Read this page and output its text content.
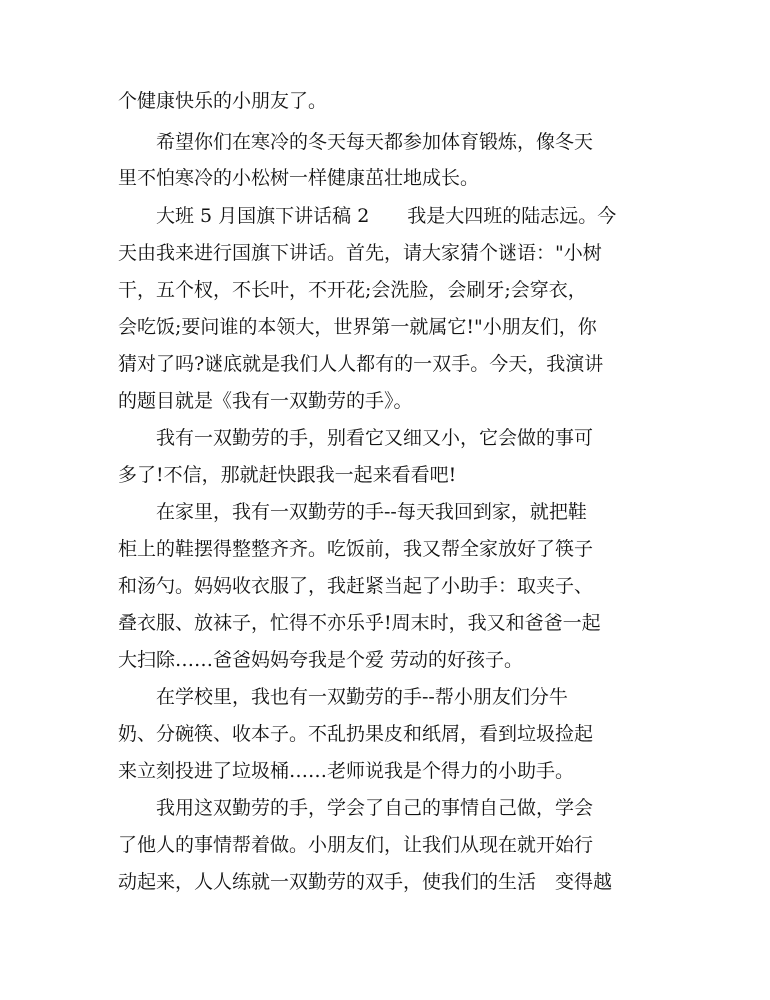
个健康快乐的小朋友了。
　　希望你们在寒冷的冬天每天都参加体育锻炼，像冬天
里不怕寒冷的小松树一样健康茁壮地成长。
　　大班 5 月国旗下讲话稿 2　　我是大四班的陆志远。今
天由我来进行国旗下讲话。首先，请大家猜个谜语："小树
干，五个杈，不长叶，不开花;会洗脸，会刷牙;会穿衣，
会吃饭;要问谁的本领大，世界第一就属它!"小朋友们，你
猜对了吗?谜底就是我们人人都有的一双手。今天，我演讲
的题目就是《我有一双勤劳的手》。
　　我有一双勤劳的手，别看它又细又小，它会做的事可
多了!不信，那就赶快跟我一起来看看吧!
　　在家里，我有一双勤劳的手--每天我回到家，就把鞋
柜上的鞋摆得整整齐齐。吃饭前，我又帮全家放好了筷子
和汤勺。妈妈收衣服了，我赶紧当起了小助手：取夹子、
叠衣服、放袜子，忙得不亦乐乎!周末时，我又和爸爸一起
大扫除……爸爸妈妈夸我是个爱 劳动的好孩子。
　　在学校里，我也有一双勤劳的手--帮小朋友们分牛
奶、分碗筷、收本子。不乱扔果皮和纸屑，看到垃圾捡起
来立刻投进了垃圾桶……老师说我是个得力的小助手。
　　我用这双勤劳的手，学会了自己的事情自己做，学会
了他人的事情帮着做。小朋友们，让我们从现在就开始行
动起来，人人练就一双勤劳的双手，使我们的生活　变得越
